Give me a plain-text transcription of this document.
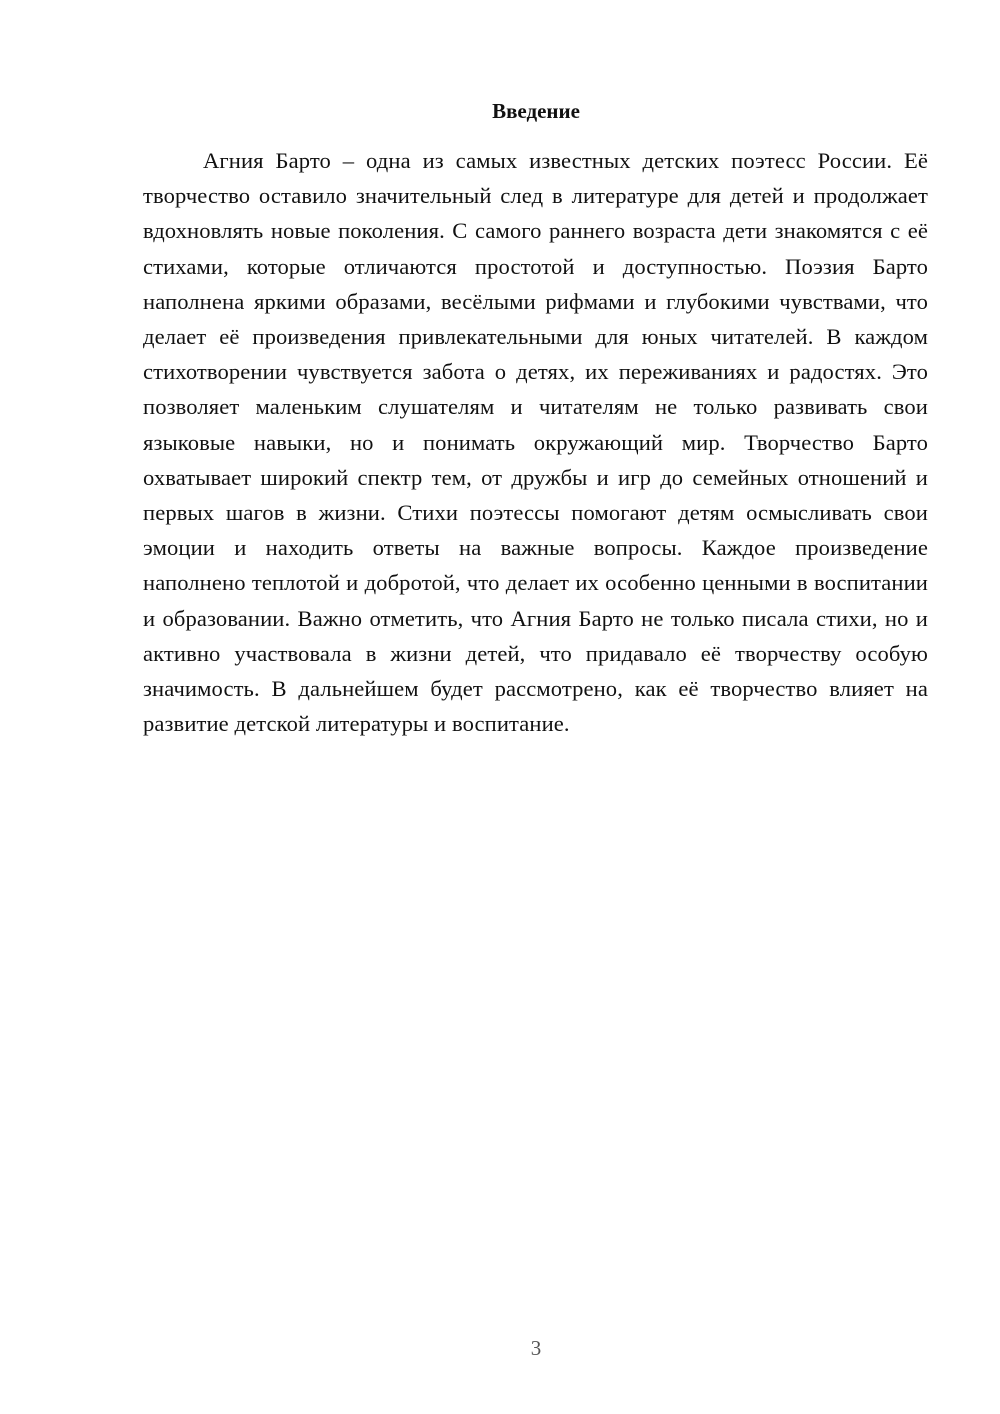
Введение

Агния Барто – одна из самых известных детских поэтесс России. Её творчество оставило значительный след в литературе для детей и продолжает вдохновлять новые поколения. С самого раннего возраста дети знакомятся с её стихами, которые отличаются простотой и доступностью. Поэзия Барто наполнена яркими образами, весёлыми рифмами и глубокими чувствами, что делает её произведения привлекательными для юных читателей. В каждом стихотворении чувствуется забота о детях, их переживаниях и радостях. Это позволяет маленьким слушателям и читателям не только развивать свои языковые навыки, но и понимать окружающий мир. Творчество Барто охватывает широкий спектр тем, от дружбы и игр до семейных отношений и первых шагов в жизни. Стихи поэтессы помогают детям осмысливать свои эмоции и находить ответы на важные вопросы. Каждое произведение наполнено теплотой и добротой, что делает их особенно ценными в воспитании и образовании. Важно отметить, что Агния Барто не только писала стихи, но и активно участвовала в жизни детей, что придавало её творчеству особую значимость. В дальнейшем будет рассмотрено, как её творчество влияет на развитие детской литературы и воспитание.

3
